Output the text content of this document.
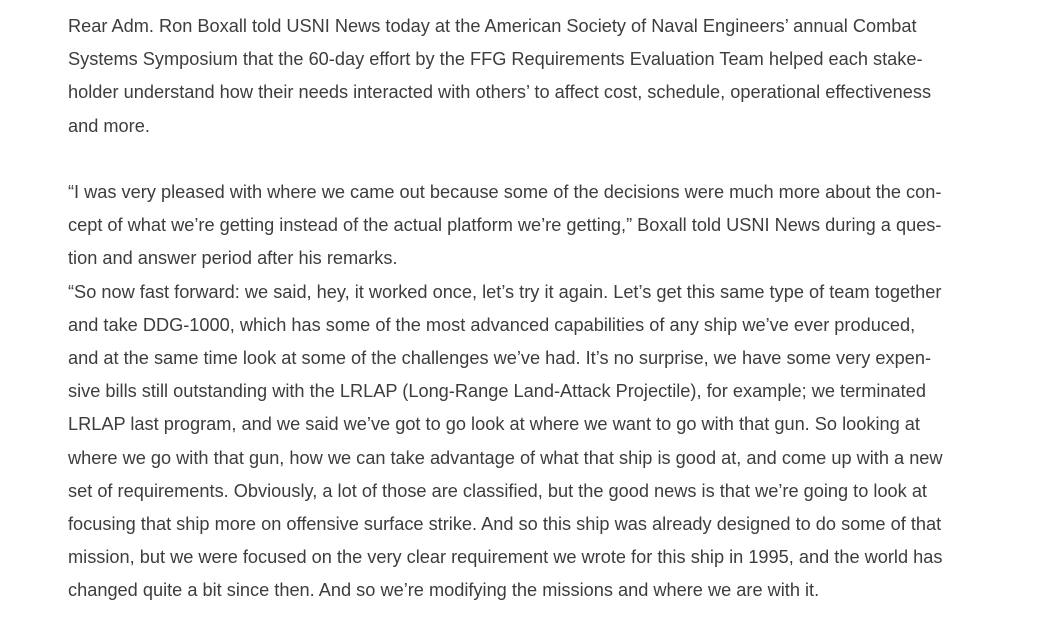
Rear Adm. Ron Boxall told USNI News today at the American Society of Naval Engineers’ annual Combat
Systems Symposium that the 60-day effort by the FFG Requirements Evaluation Team helped each stake-
holder understand how their needs interacted with others’ to affect cost, schedule, operational effectiveness
and more.

“I was very pleased with where we came out because some of the decisions were much more about the con-
cept of what we’re getting instead of the actual platform we’re getting,” Boxall told USNI News during a ques-
tion and answer period after his remarks.

“So now fast forward: we said, hey, it worked once, let’s try it again. Let’s get this same type of team together
and take DDG-1000, which has some of the most advanced capabilities of any ship we’ve ever produced,
and at the same time look at some of the challenges we’ve had. It’s no surprise, we have some very expen-
sive bills still outstanding with the LRLAP (Long-Range Land-Attack Projectile), for example; we terminated
LRLAP last program, and we said we’ve got to go look at where we want to go with that gun. So looking at
where we go with that gun, how we can take advantage of what that ship is good at, and come up with a new
set of requirements. Obviously, a lot of those are classified, but the good news is that we’re going to look at
focusing that ship more on offensive surface strike. And so this ship was already designed to do some of that
mission, but we were focused on the very clear requirement we wrote for this ship in 1995, and the world has
changed quite a bit since then. And so we’re modifying the missions and where we are with it.
